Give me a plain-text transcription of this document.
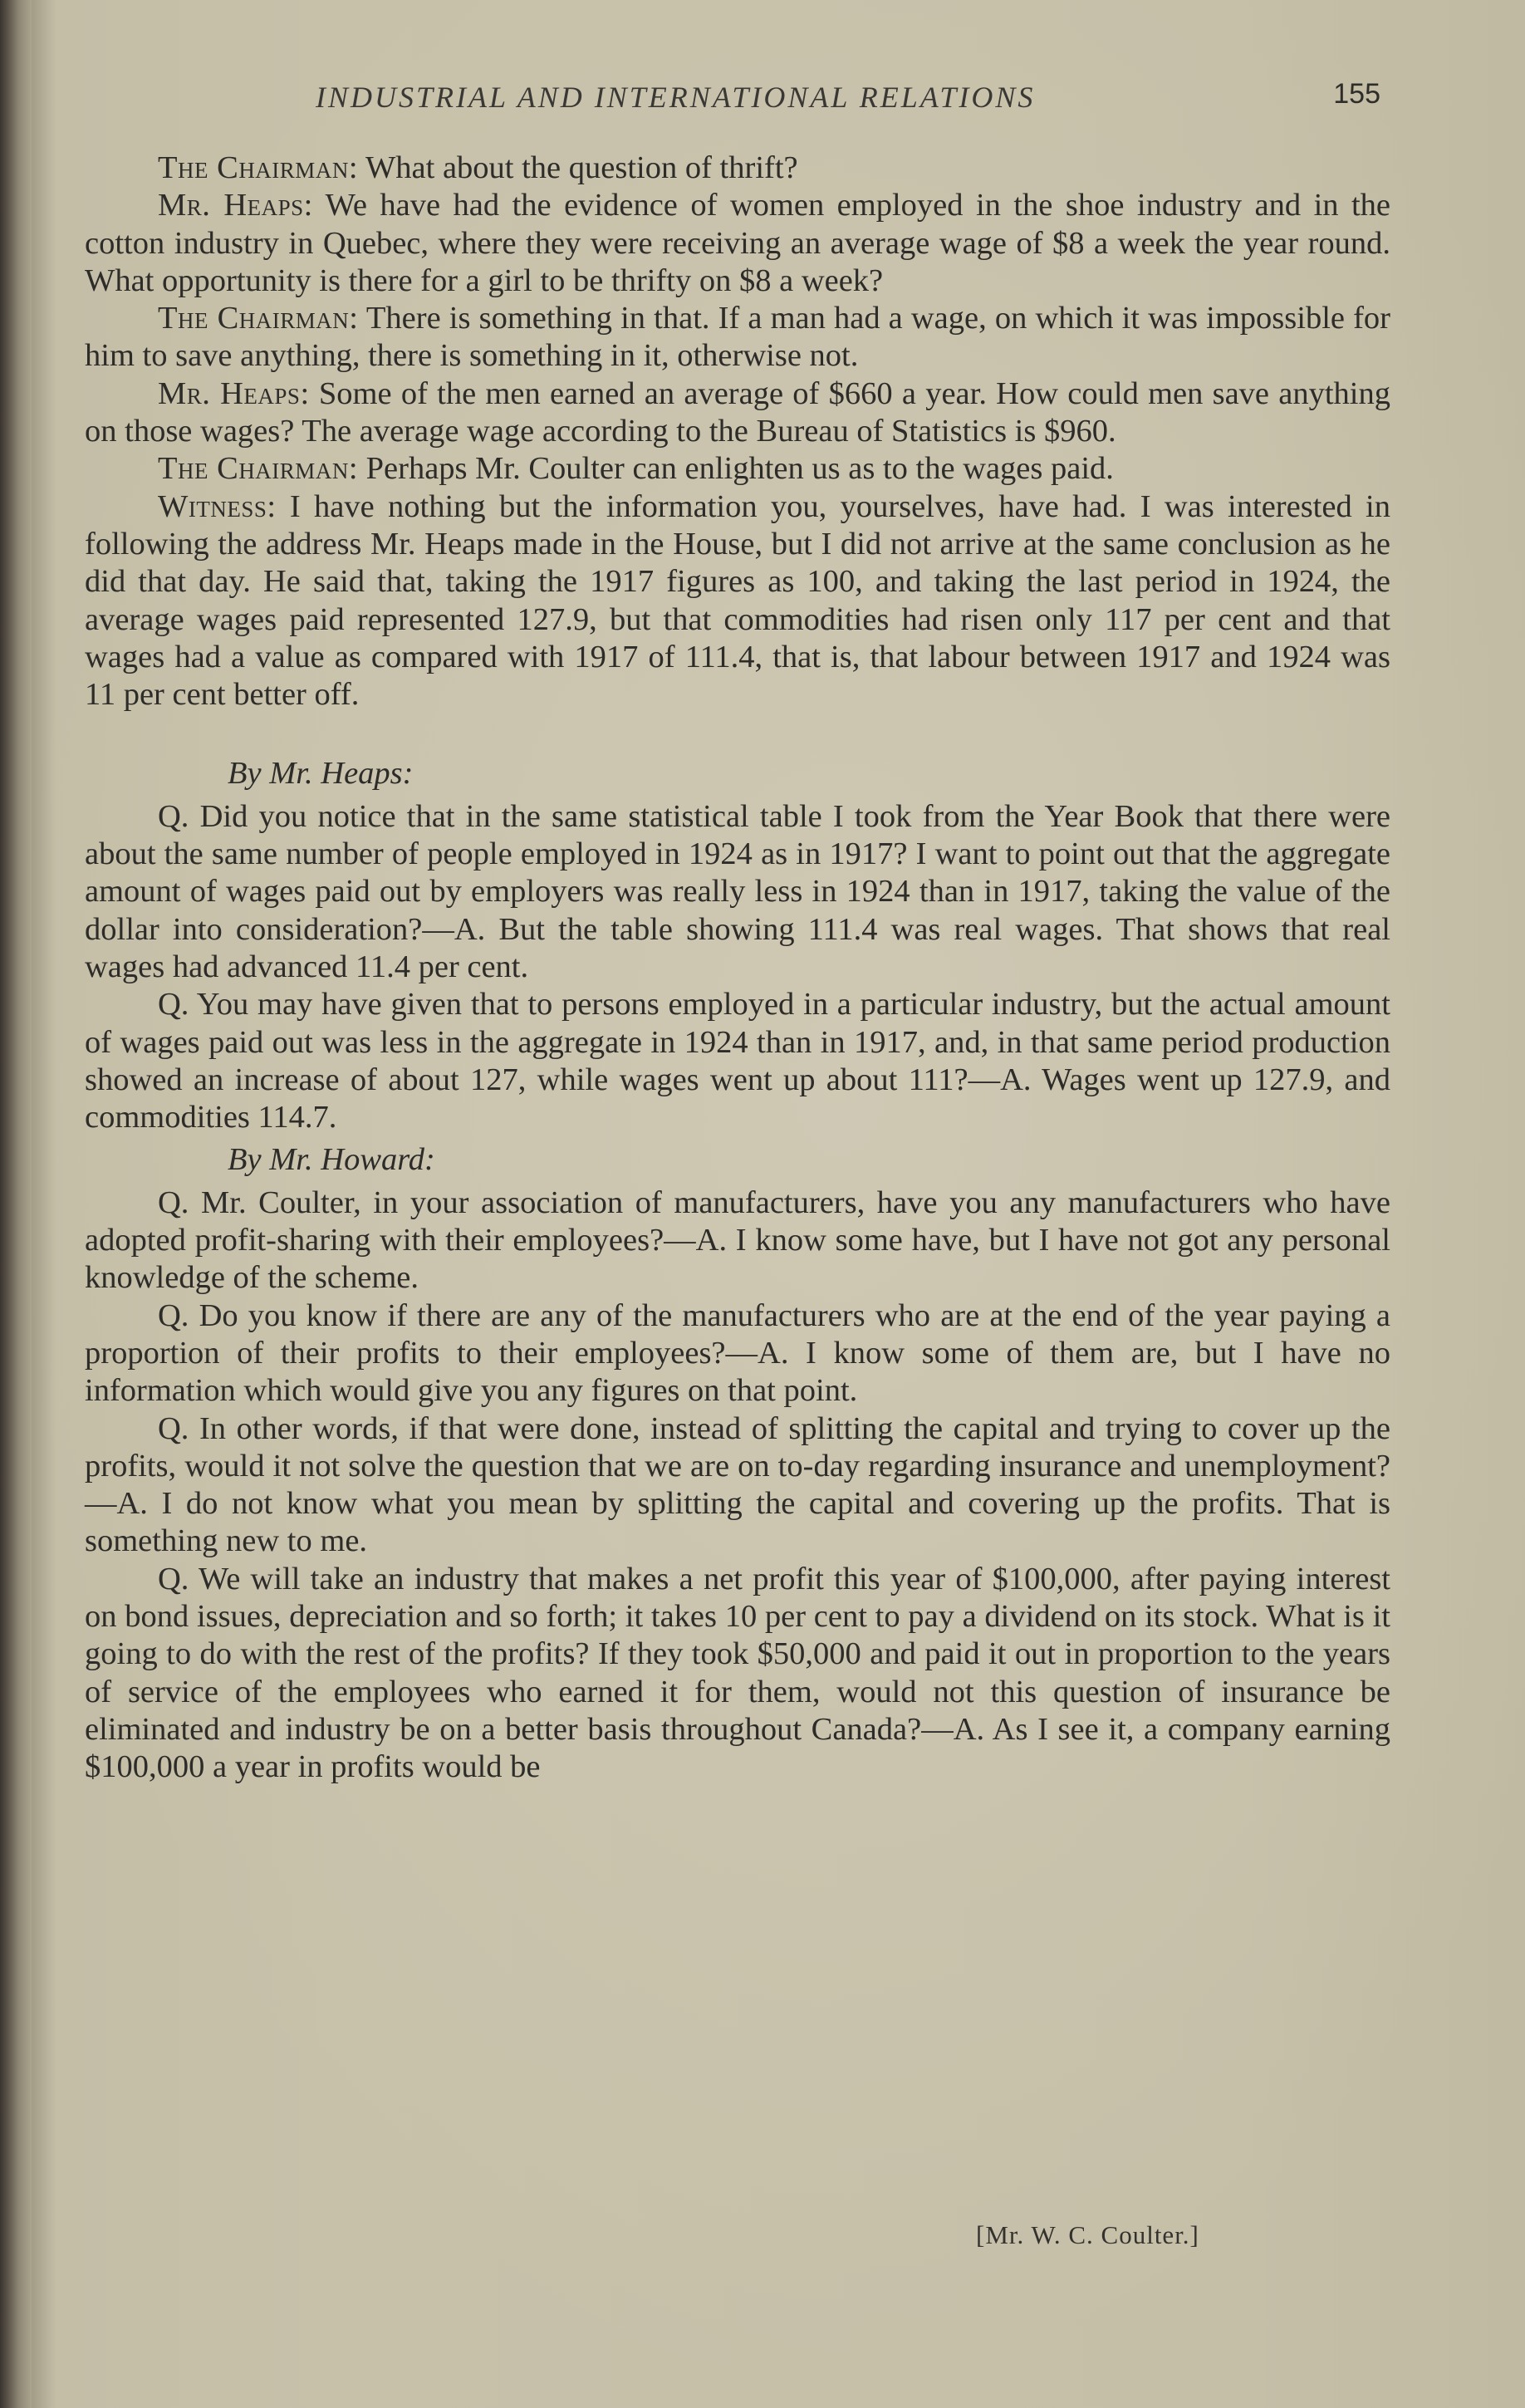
INDUSTRIAL AND INTERNATIONAL RELATIONS	155

The Chairman: What about the question of thrift?

Mr. Heaps: We have had the evidence of women employed in the shoe industry and in the cotton industry in Quebec, where they were receiving an average wage of $8 a week the year round. What opportunity is there for a girl to be thrifty on $8 a week?

The Chairman: There is something in that. If a man had a wage, on which it was impossible for him to save anything, there is something in it, otherwise not.

Mr. Heaps: Some of the men earned an average of $660 a year. How could men save anything on those wages? The average wage according to the Bureau of Statistics is $960.

The Chairman: Perhaps Mr. Coulter can enlighten us as to the wages paid.

Witness: I have nothing but the information you, yourselves, have had. I was interested in following the address Mr. Heaps made in the House, but I did not arrive at the same conclusion as he did that day. He said that, taking the 1917 figures as 100, and taking the last period in 1924, the average wages paid represented 127.9, but that commodities had risen only 117 per cent and that wages had a value as compared with 1917 of 111.4, that is, that labour between 1917 and 1924 was 11 per cent better off.

By Mr. Heaps:

Q. Did you notice that in the same statistical table I took from the Year Book that there were about the same number of people employed in 1924 as in 1917? I want to point out that the aggregate amount of wages paid out by employers was really less in 1924 than in 1917, taking the value of the dollar into consideration?—A. But the table showing 111.4 was real wages. That shows that real wages had advanced 11.4 per cent.

Q. You may have given that to persons employed in a particular industry, but the actual amount of wages paid out was less in the aggregate in 1924 than in 1917, and, in that same period production showed an increase of about 127, while wages went up about 111?—A. Wages went up 127.9, and commodities 114.7.

By Mr. Howard:

Q. Mr. Coulter, in your association of manufacturers, have you any manufacturers who have adopted profit-sharing with their employees?—A. I know some have, but I have not got any personal knowledge of the scheme.

Q. Do you know if there are any of the manufacturers who are at the end of the year paying a proportion of their profits to their employees?—A. I know some of them are, but I have no information which would give you any figures on that point.

Q. In other words, if that were done, instead of splitting the capital and trying to cover up the profits, would it not solve the question that we are on to-day regarding insurance and unemployment?—A. I do not know what you mean by splitting the capital and covering up the profits. That is something new to me.

Q. We will take an industry that makes a net profit this year of $100,000, after paying interest on bond issues, depreciation and so forth; it takes 10 per cent to pay a dividend on its stock. What is it going to do with the rest of the profits? If they took $50,000 and paid it out in proportion to the years of service of the employees who earned it for them, would not this question of insurance be eliminated and industry be on a better basis throughout Canada?—A. As I see it, a company earning $100,000 a year in profits would be

[Mr. W. C. Coulter.]
